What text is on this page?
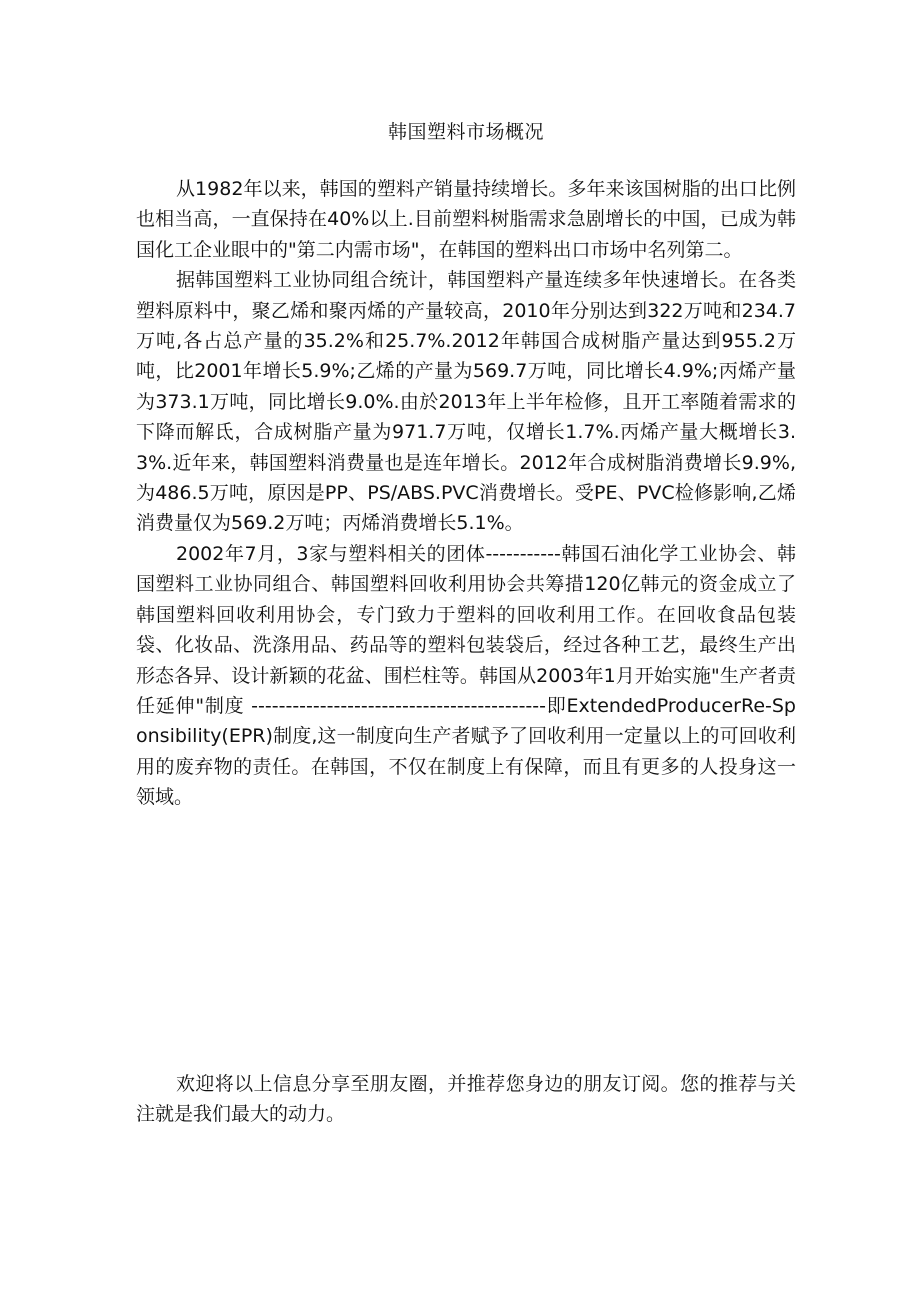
韩国塑料市场概况

从1982年以来，韩国的塑料产销量持续增长。多年来该国树脂的出口比例也相当高，一直保持在40%以上.目前塑料树脂需求急剧增长的中国，已成为韩国化工企业眼中的"第二内需市场"，在韩国的塑料出口市场中名列第二。

据韩国塑料工业协同组合统计，韩国塑料产量连续多年快速增长。在各类塑料原料中，聚乙烯和聚丙烯的产量较高，2010年分别达到322万吨和234.7万吨,各占总产量的35.2%和25.7%.2012年韩国合成树脂产量达到955.2万吨，比2001年增长5.9%;乙烯的产量为569.7万吨，同比增长4.9%;丙烯产量为373.1万吨，同比增长9.0%.由於2013年上半年检修，且开工率随着需求的下降而解氐，合成树脂产量为971.7万吨，仅增长1.7%.丙烯产量大概增长3.3%.近年来，韩国塑料消费量也是连年增长。2012年合成树脂消费增长9.9%,为486.5万吨，原因是PP、PS∕ABS.PVC消费增长。受PE、PVC检修影响,乙烯消费量仅为569.2万吨；丙烯消费增长5.1%。

2002年7月，3家与塑料相关的团体-----------韩国石油化学工业协会、韩国塑料工业协同组合、韩国塑料回收利用协会共筹措120亿韩元的资金成立了韩国塑料回收利用协会，专门致力于塑料的回收利用工作。在回收食品包装袋、化妆品、洗涤用品、药品等的塑料包装袋后，经过各种工艺，最终生产出形态各异、设计新颖的花盆、围栏柱等。韩国从2003年1月开始实施"生产者责任延伸"制度 -------------------------------------------即ExtendedProducerRe-Sponsibility(EPR)制度,这一制度向生产者赋予了回收利用一定量以上的可回收利用的废弃物的责任。在韩国，不仅在制度上有保障，而且有更多的人投身这一领域。

欢迎将以上信息分享至朋友圈，并推荐您身边的朋友订阅。您的推荐与关注就是我们最大的动力。
